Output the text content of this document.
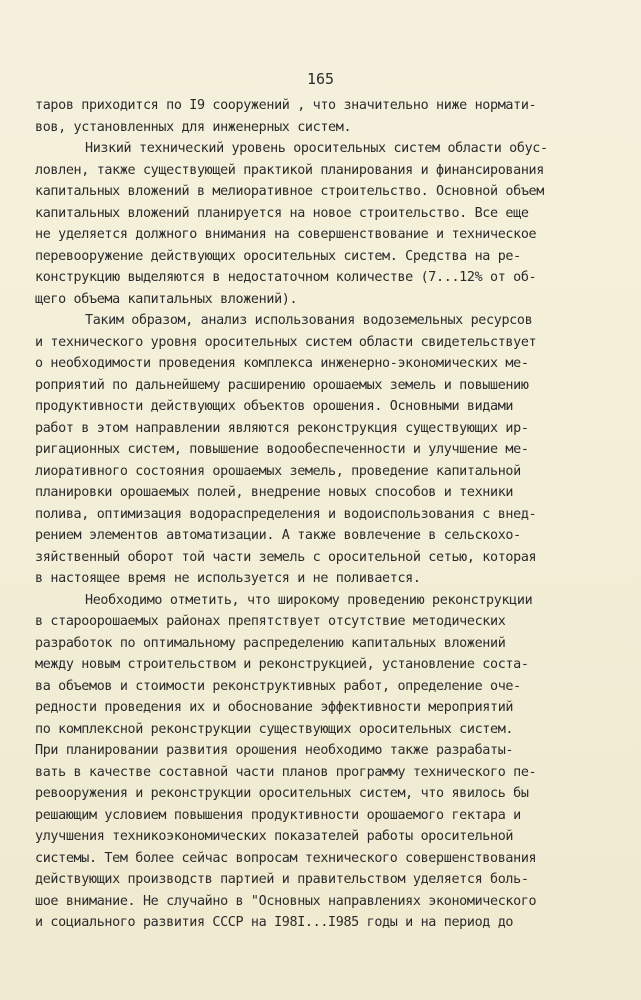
165
таров приходится по I9 сооружений , что значительно ниже нормати-
вов, установленных для инженерных систем.
Низкий технический уровень оросительных систем области обус-
ловлен, также существующей практикой планирования и финансирования
капитальных вложений в мелиоративное строительство. Основной объем
капитальных вложений планируется на новое строительство. Все еще
не уделяется должного внимания на совершенствование и техническое
перевооружение действующих оросительных систем. Средства на ре-
конструкцию выделяются в недостаточном количестве (7...12% от об-
щего объема капитальных вложений).
Таким образом, анализ использования водоземельных ресурсов
и технического уровня оросительных систем области свидетельствует
о необходимости проведения комплекса инженерно-экономических ме-
роприятий по дальнейшему расширению орошаемых земель и повышению
продуктивности действующих объектов орошения. Основными видами
работ в этом направлении являются реконструкция существующих ир-
ригационных систем, повышение водообеспеченности и улучшение ме-
лиоративного состояния орошаемых земель, проведение капитальной
планировки орошаемых полей, внедрение новых способов и техники
полива, оптимизация водораспределения и водоиспользования с внед-
рением элементов автоматизации. А также вовлечение в сельскохо-
зяйственный оборот той части земель с оросительной сетью, которая
в настоящее время не используется и не поливается.
Необходимо отметить, что широкому проведению реконструкции
в старoорошаемых районах препятствует отсутствие методических
разработок по оптимальному распределению капитальных вложений
между новым строительством и реконструкцией, установление соста-
ва объемов и стоимости реконструктивных работ, определение оче-
редности проведения их и обоснование эффективности мероприятий
по комплексной реконструкции существующих оросительных систем.
При планировании развития орошения необходимо также разрабаты-
вать в качестве составной части планов программу технического пе-
ревооружения и реконструкции оросительных систем, что явилось бы
решающим условием повышения продуктивности орошаемого гектара и
улучшения техникоэкономических показателей работы оросительной
системы. Тем более сейчас вопросам технического совершенствования
действующих производств партией и правительством уделяется боль-
шое внимание. Не случайно в "Основных направлениях экономического
и социального развития СССР на I98I...I985 годы и на период до
